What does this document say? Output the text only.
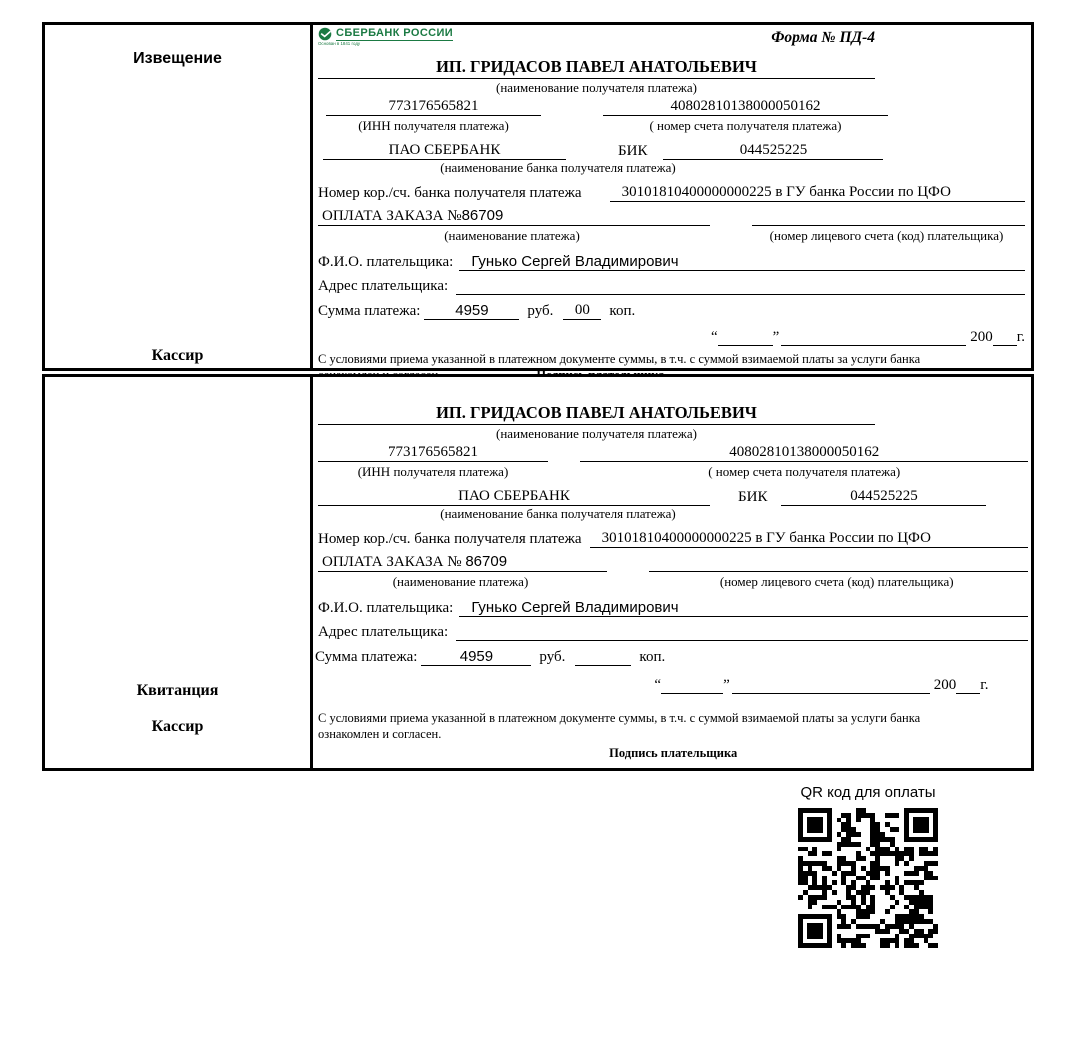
Извещение
Кассир
СБЕРБАНК РОССИИ
Основан в 1841 году	Форма № ПД-4
ИП. ГРИДАСОВ ПАВЕЛ АНАТОЛЬЕВИЧ
(наименование получателя платежа)
773176565821	40802810138000050162
(ИНН получателя платежа)	( номер счета получателя платежа)
ПАО СБЕРБАНК	БИК	044525225
(наименование банка получателя платежа)
Номер кор./сч. банка получателя платежа	30101810400000000225 в ГУ банка России по ЦФО
ОПЛАТА ЗАКАЗА №86709
(наименование платежа)	(номер лицевого счета (код) плательщика)
Ф.И.О. плательщика:	Гунько Сергей Владимирович
Адрес плательщика:
Сумма платежа:	4959	руб.	00	коп.
“	”	200 г.
С условиями приема указанной в платежном документе суммы, в т.ч. с суммой взимаемой платы за услуги банка
Квитанция
Кассир
ИП. ГРИДАСОВ ПАВЕЛ АНАТОЛЬЕВИЧ
(наименование получателя платежа)
773176565821	40802810138000050162
(ИНН получателя платежа)	( номер счета получателя платежа)
ПАО СБЕРБАНК	БИК	044525225
(наименование банка получателя платежа)
Номер кор./сч. банка получателя платежа	30101810400000000225 в ГУ банка России по ЦФО
ОПЛАТА ЗАКАЗА № 86709
(наименование платежа)	(номер лицевого счета (код) плательщика)
Ф.И.О. плательщика:	Гунько Сергей Владимирович
Адрес плательщика:
Сумма платежа:	4959	руб.	коп.
“	”	200 г.
С условиями приема указанной в платежном документе суммы, в т.ч. с суммой взимаемой платы за услуги банка
ознакомлен и согласен.
Подпись плательщика
QR код для оплаты
